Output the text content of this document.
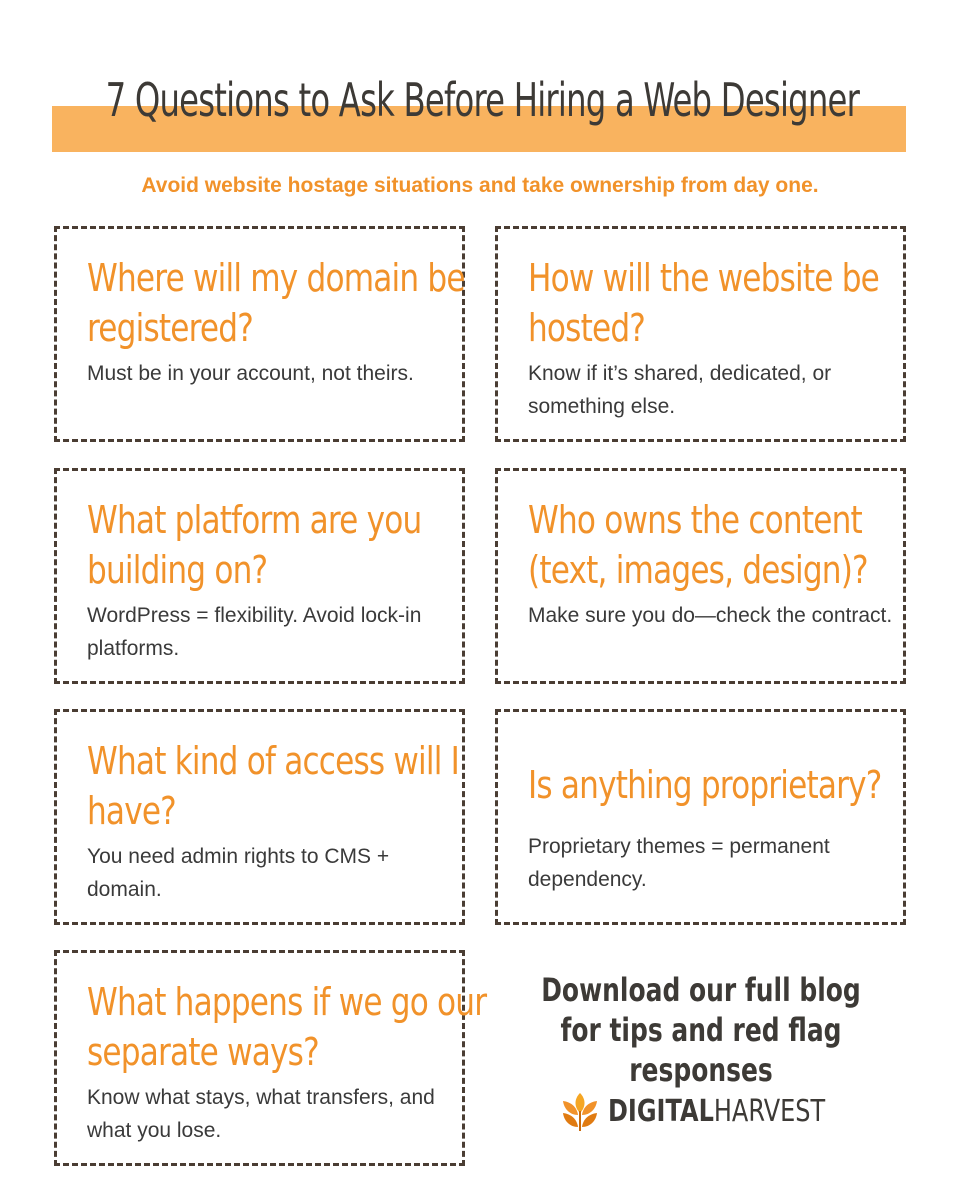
7 Questions to Ask Before Hiring a Web Designer
Avoid website hostage situations and take ownership from day one.
Where will my domain be registered?
Must be in your account, not theirs.
How will the website be hosted?
Know if it’s shared, dedicated, or something else.
What platform are you building on?
WordPress = flexibility. Avoid lock-in platforms.
Who owns the content (text, images, design)?
Make sure you do—check the contract.
What kind of access will I have?
You need admin rights to CMS + domain.
Is anything proprietary?
Proprietary themes = permanent dependency.
What happens if we go our separate ways?
Know what stays, what transfers, and what you lose.
Download our full blog for tips and red flag responses
DIGITALHARVEST
